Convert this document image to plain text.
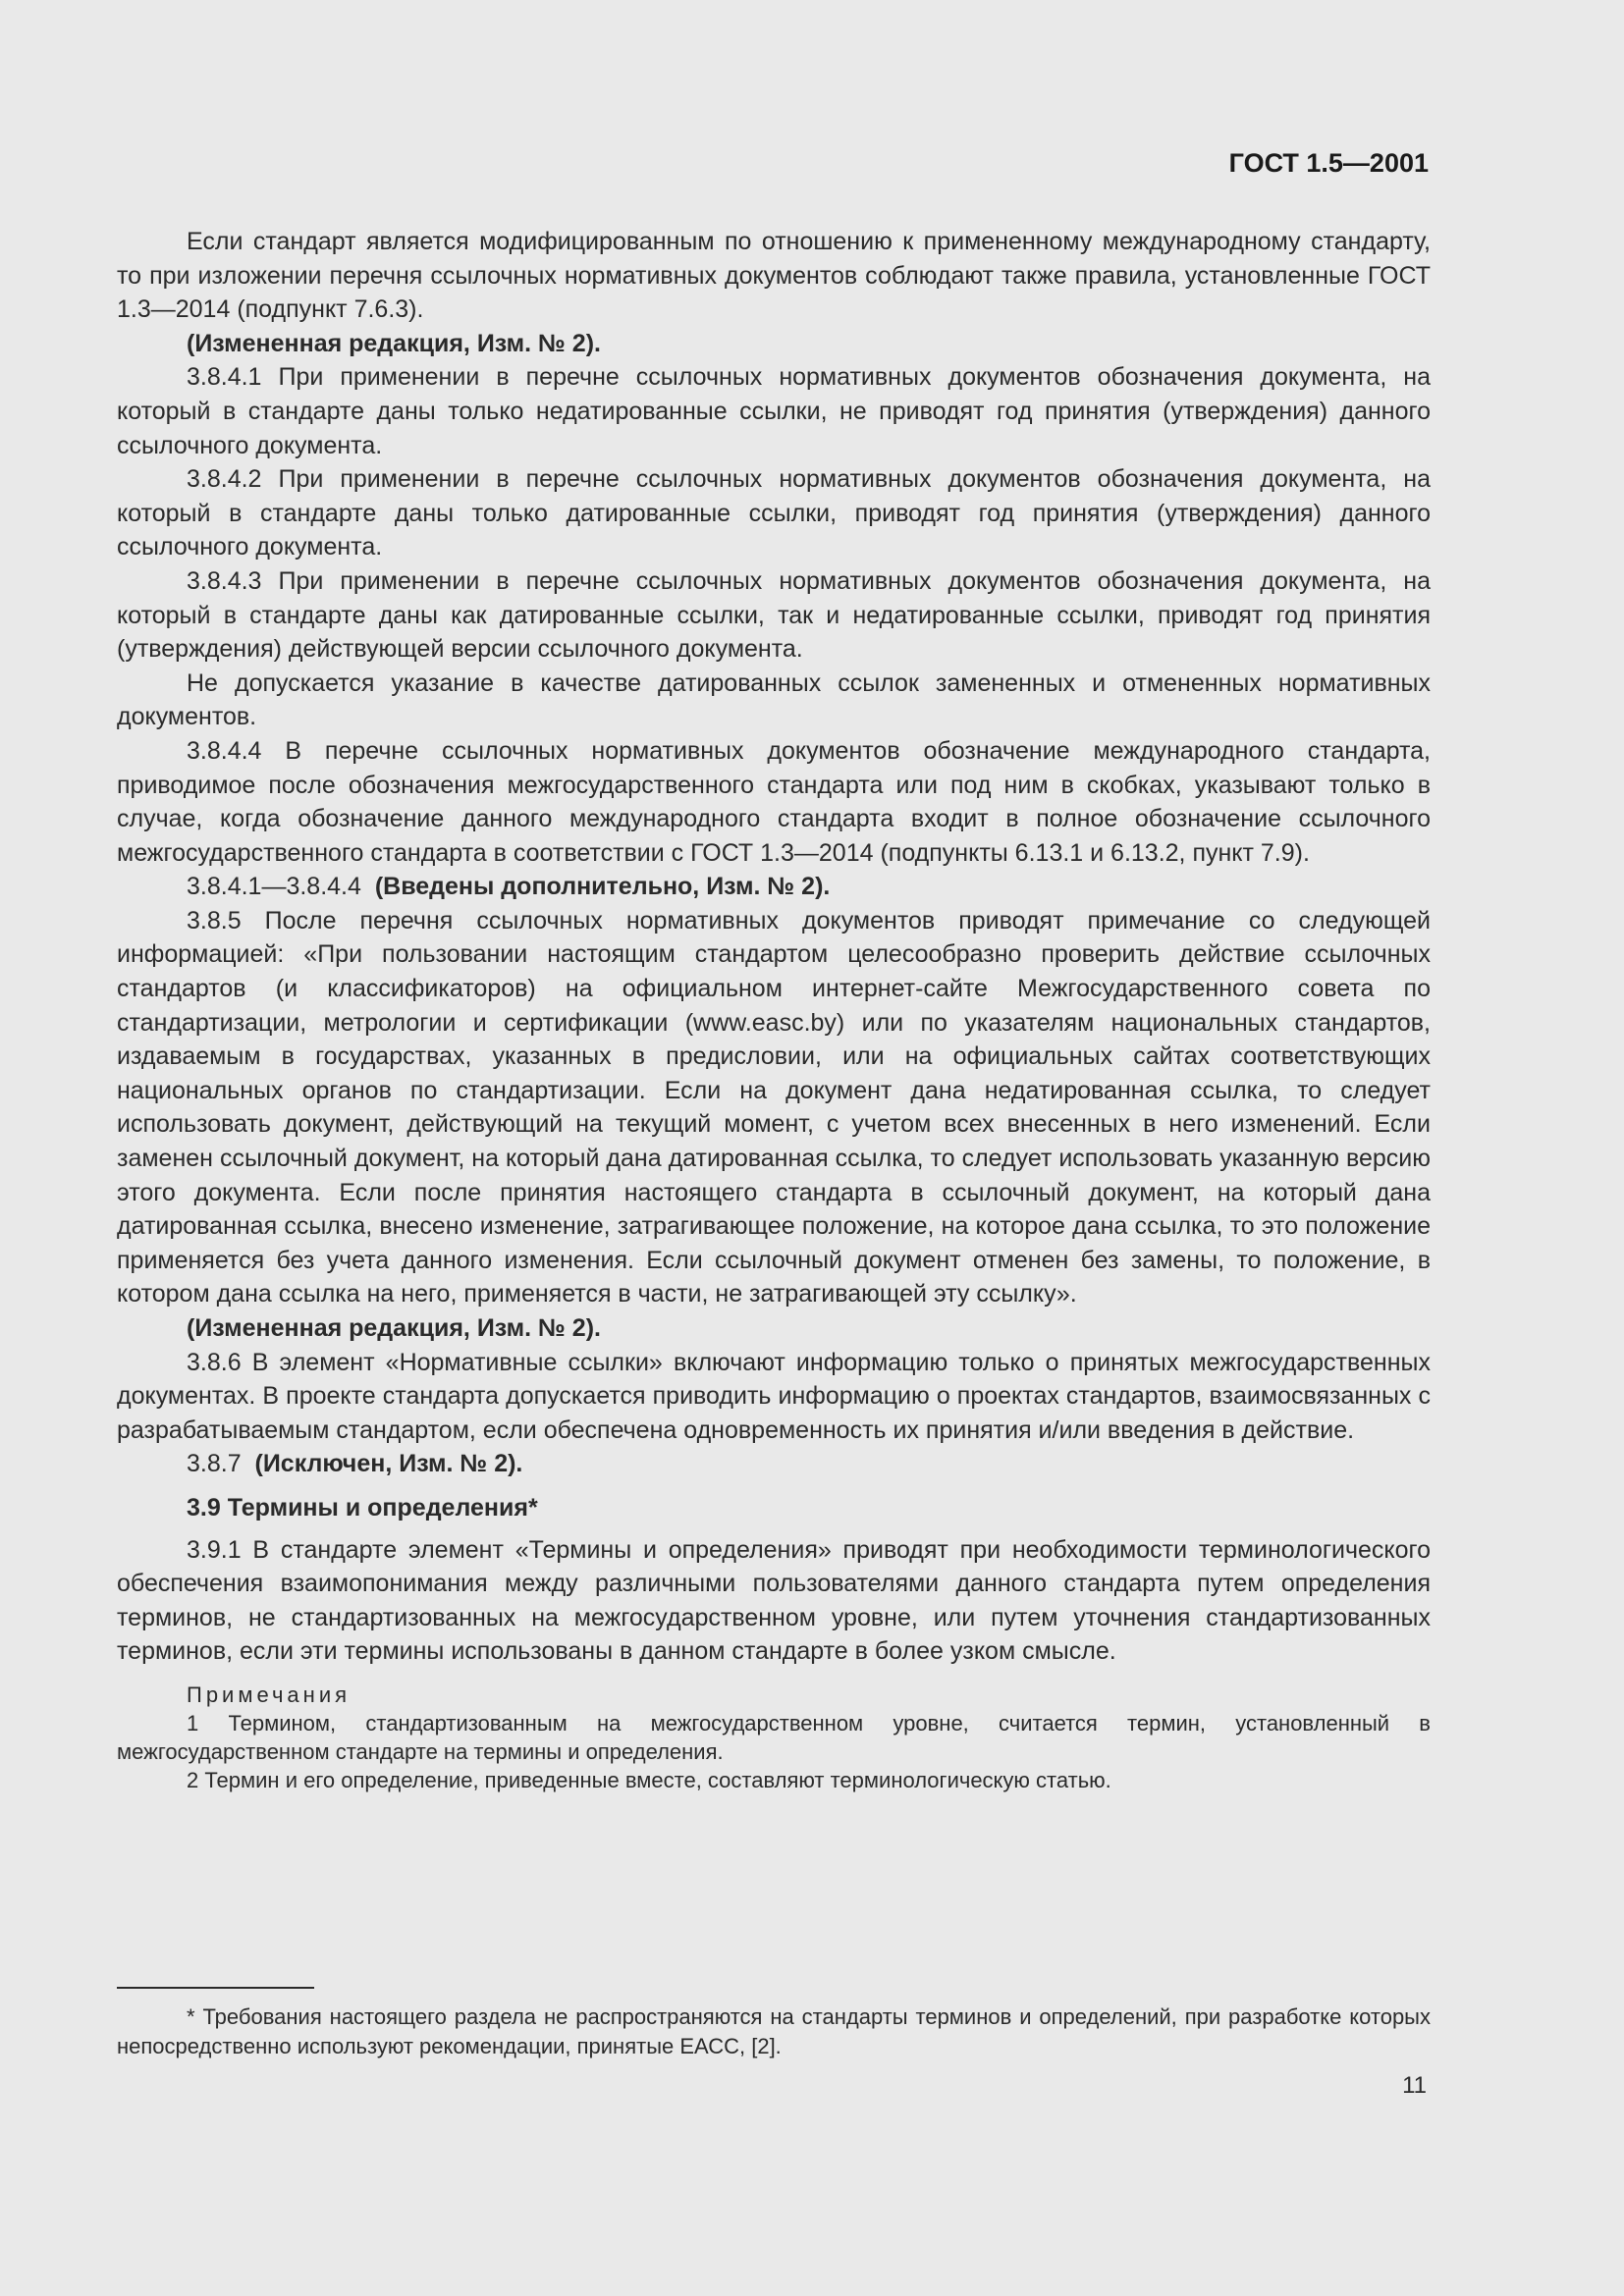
ГОСТ 1.5—2001

Если стандарт является модифицированным по отношению к примененному международному стандарту, то при изложении перечня ссылочных нормативных документов соблюдают также правила, установленные ГОСТ 1.3—2014 (подпункт 7.6.3).

(Измененная редакция, Изм. № 2).

3.8.4.1 При применении в перечне ссылочных нормативных документов обозначения документа, на который в стандарте даны только недатированные ссылки, не приводят год принятия (утверждения) данного ссылочного документа.

3.8.4.2 При применении в перечне ссылочных нормативных документов обозначения документа, на который в стандарте даны только датированные ссылки, приводят год принятия (утверждения) данного ссылочного документа.

3.8.4.3 При применении в перечне ссылочных нормативных документов обозначения документа, на который в стандарте даны как датированные ссылки, так и недатированные ссылки, приводят год принятия (утверждения) действующей версии ссылочного документа.

Не допускается указание в качестве датированных ссылок замененных и отмененных нормативных документов.

3.8.4.4 В перечне ссылочных нормативных документов обозначение международного стандарта, приводимое после обозначения межгосударственного стандарта или под ним в скобках, указывают только в случае, когда обозначение данного международного стандарта входит в полное обозначение ссылочного межгосударственного стандарта в соответствии с ГОСТ 1.3—2014 (подпункты 6.13.1 и 6.13.2, пункт 7.9).

3.8.4.1—3.8.4.4 (Введены дополнительно, Изм. № 2).

3.8.5 После перечня ссылочных нормативных документов приводят примечание со следующей информацией: «При пользовании настоящим стандартом целесообразно проверить действие ссылочных стандартов (и классификаторов) на официальном интернет-сайте Межгосударственного совета по стандартизации, метрологии и сертификации (www.easc.by) или по указателям национальных стандартов, издаваемым в государствах, указанных в предисловии, или на официальных сайтах соответствующих национальных органов по стандартизации. Если на документ дана недатированная ссылка, то следует использовать документ, действующий на текущий момент, с учетом всех внесенных в него изменений. Если заменен ссылочный документ, на который дана датированная ссылка, то следует использовать указанную версию этого документа. Если после принятия настоящего стандарта в ссылочный документ, на который дана датированная ссылка, внесено изменение, затрагивающее положение, на которое дана ссылка, то это положение применяется без учета данного изменения. Если ссылочный документ отменен без замены, то положение, в котором дана ссылка на него, применяется в части, не затрагивающей эту ссылку».

(Измененная редакция, Изм. № 2).

3.8.6 В элемент «Нормативные ссылки» включают информацию только о принятых межгосударственных документах. В проекте стандарта допускается приводить информацию о проектах стандартов, взаимосвязанных с разрабатываемым стандартом, если обеспечена одновременность их принятия и/или введения в действие.

3.8.7 (Исключен, Изм. № 2).

3.9 Термины и определения*

3.9.1 В стандарте элемент «Термины и определения» приводят при необходимости терминологического обеспечения взаимопонимания между различными пользователями данного стандарта путем определения терминов, не стандартизованных на межгосударственном уровне, или путем уточнения стандартизованных терминов, если эти термины использованы в данном стандарте в более узком смысле.

Примечания

1 Термином, стандартизованным на межгосударственном уровне, считается термин, установленный в межгосударственном стандарте на термины и определения.

2 Термин и его определение, приведенные вместе, составляют терминологическую статью.

* Требования настоящего раздела не распространяются на стандарты терминов и определений, при разработке которых непосредственно используют рекомендации, принятые ЕАСС, [2].

11
